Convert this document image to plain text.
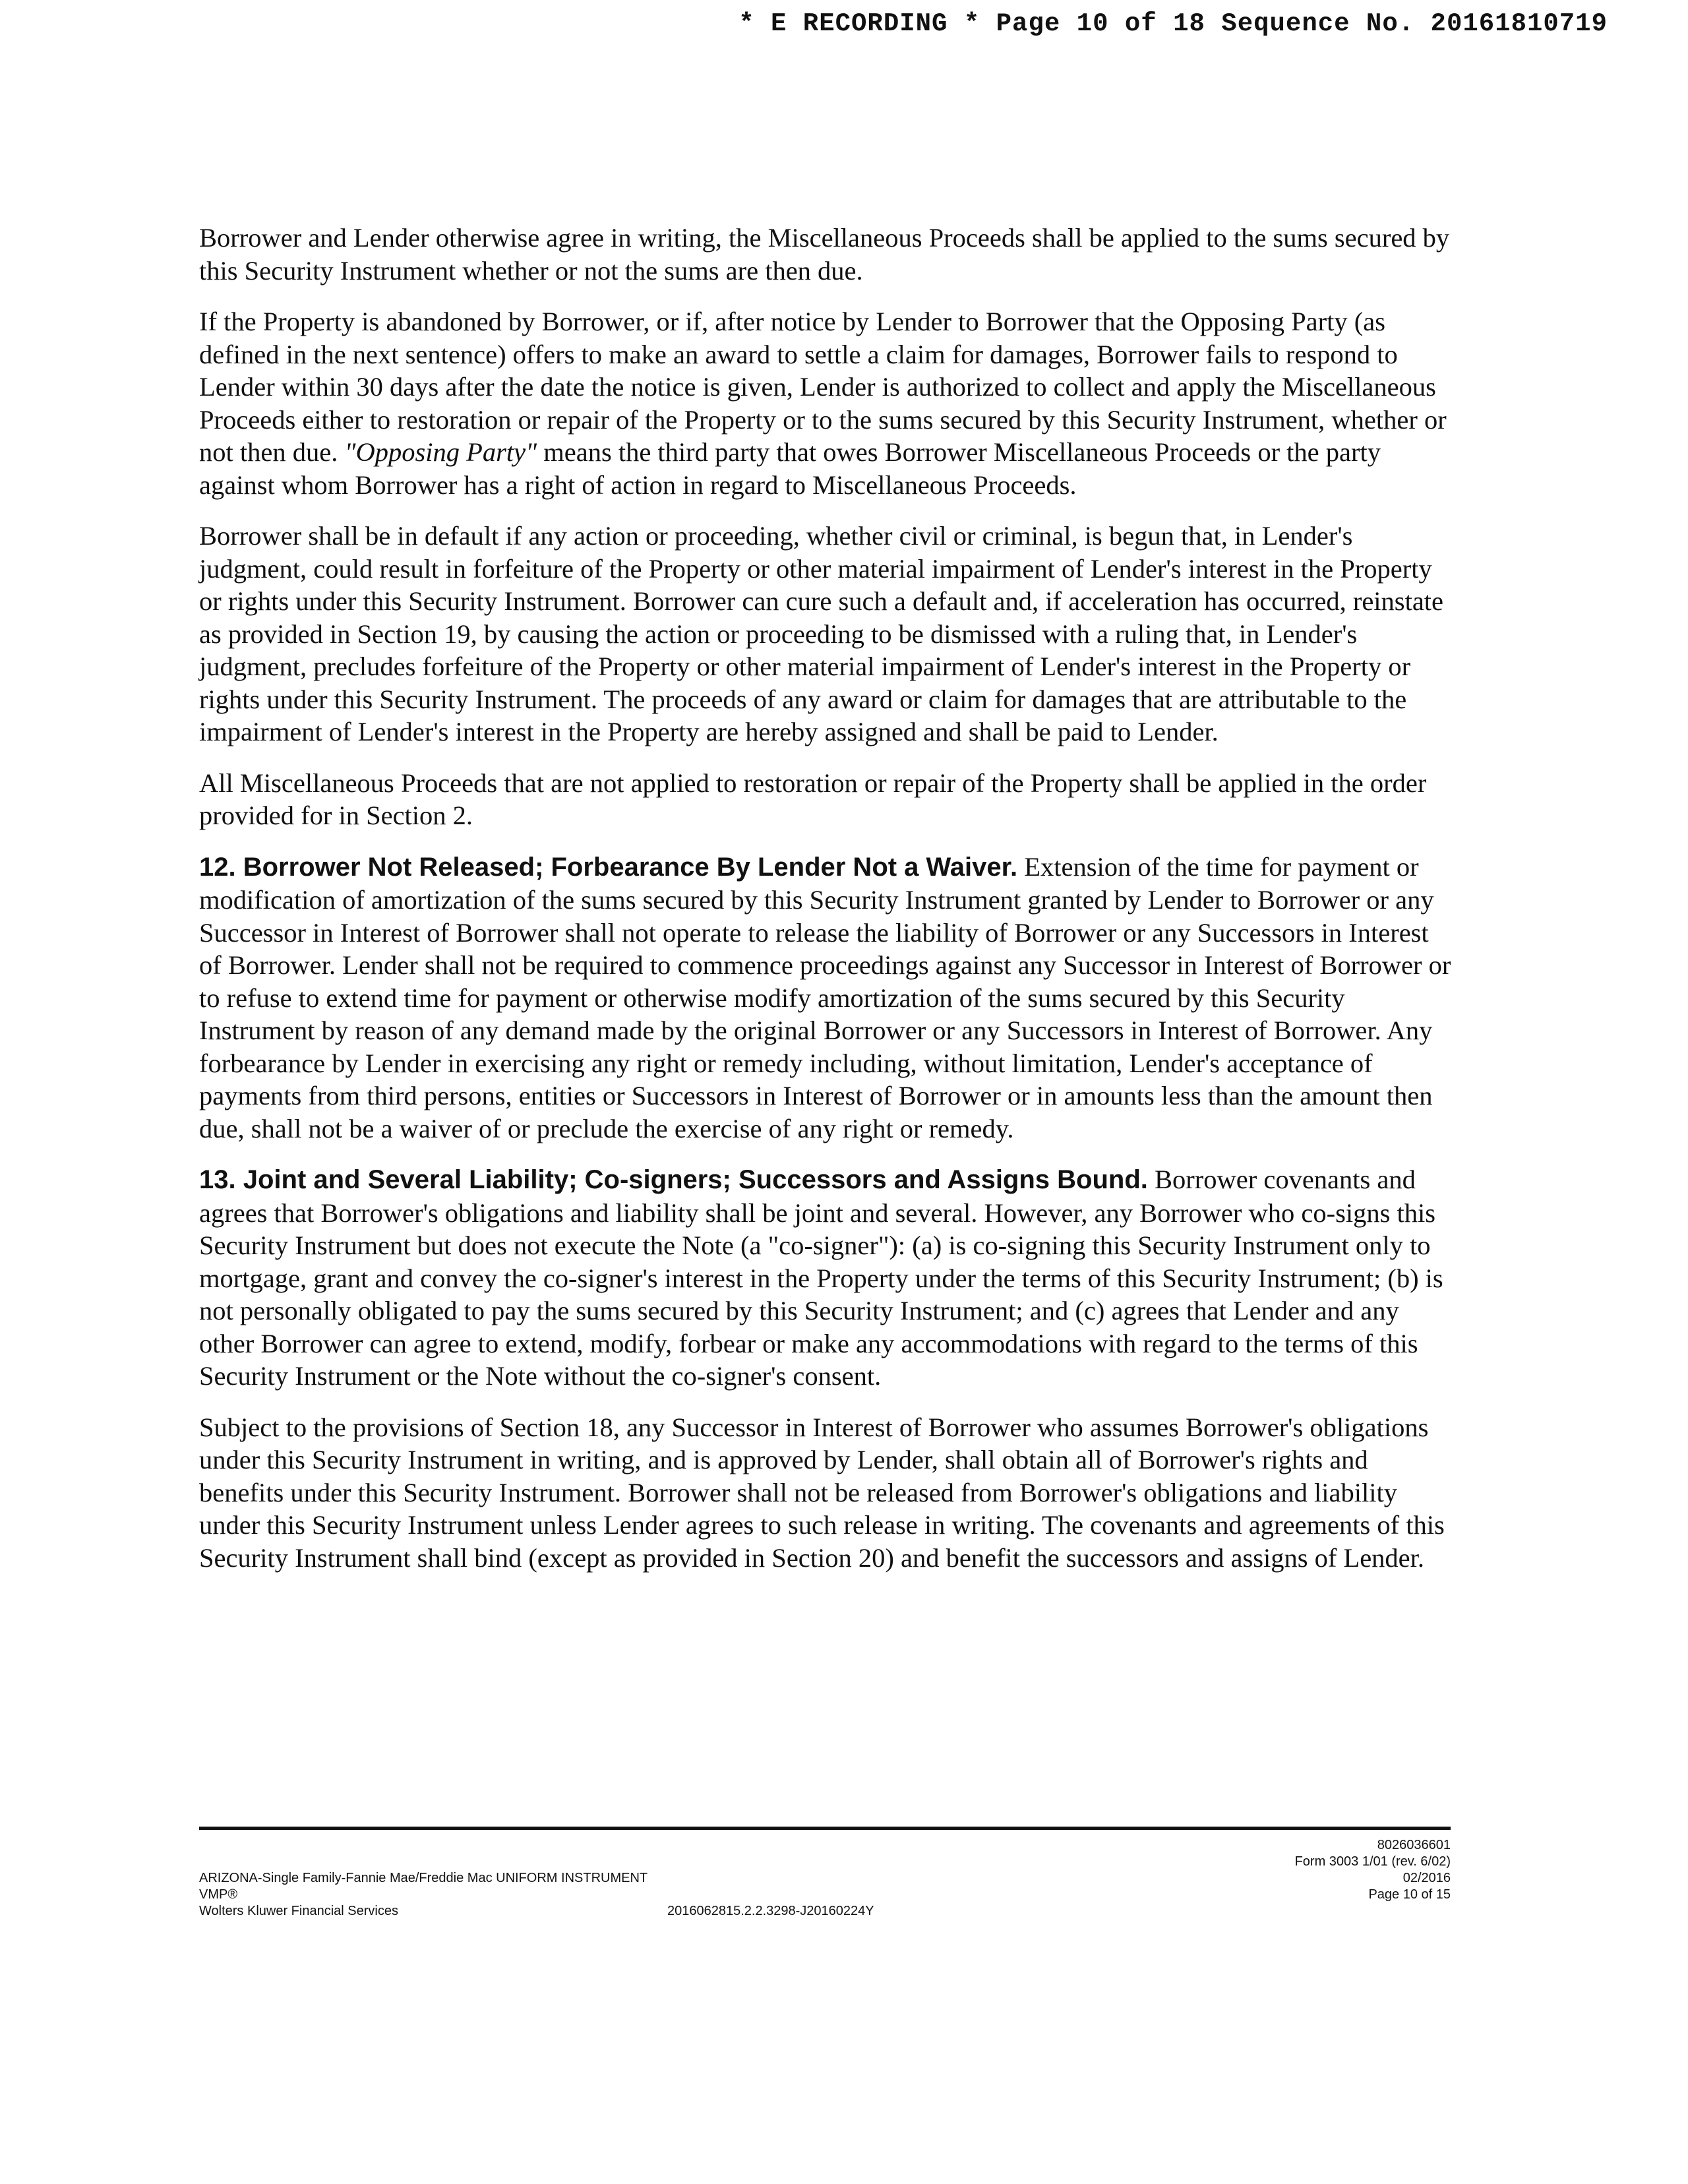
* E RECORDING * Page 10 of 18 Sequence No. 20161810719

Borrower and Lender otherwise agree in writing, the Miscellaneous Proceeds shall be applied to the sums secured by this Security Instrument whether or not the sums are then due.

If the Property is abandoned by Borrower, or if, after notice by Lender to Borrower that the Opposing Party (as defined in the next sentence) offers to make an award to settle a claim for damages, Borrower fails to respond to Lender within 30 days after the date the notice is given, Lender is authorized to collect and apply the Miscellaneous Proceeds either to restoration or repair of the Property or to the sums secured by this Security Instrument, whether or not then due. "Opposing Party" means the third party that owes Borrower Miscellaneous Proceeds or the party against whom Borrower has a right of action in regard to Miscellaneous Proceeds.

Borrower shall be in default if any action or proceeding, whether civil or criminal, is begun that, in Lender's judgment, could result in forfeiture of the Property or other material impairment of Lender's interest in the Property or rights under this Security Instrument. Borrower can cure such a default and, if acceleration has occurred, reinstate as provided in Section 19, by causing the action or proceeding to be dismissed with a ruling that, in Lender's judgment, precludes forfeiture of the Property or other material impairment of Lender's interest in the Property or rights under this Security Instrument. The proceeds of any award or claim for damages that are attributable to the impairment of Lender's interest in the Property are hereby assigned and shall be paid to Lender.

All Miscellaneous Proceeds that are not applied to restoration or repair of the Property shall be applied in the order provided for in Section 2.

12. Borrower Not Released; Forbearance By Lender Not a Waiver. Extension of the time for payment or modification of amortization of the sums secured by this Security Instrument granted by Lender to Borrower or any Successor in Interest of Borrower shall not operate to release the liability of Borrower or any Successors in Interest of Borrower. Lender shall not be required to commence proceedings against any Successor in Interest of Borrower or to refuse to extend time for payment or otherwise modify amortization of the sums secured by this Security Instrument by reason of any demand made by the original Borrower or any Successors in Interest of Borrower. Any forbearance by Lender in exercising any right or remedy including, without limitation, Lender's acceptance of payments from third persons, entities or Successors in Interest of Borrower or in amounts less than the amount then due, shall not be a waiver of or preclude the exercise of any right or remedy.

13. Joint and Several Liability; Co-signers; Successors and Assigns Bound. Borrower covenants and agrees that Borrower's obligations and liability shall be joint and several. However, any Borrower who co-signs this Security Instrument but does not execute the Note (a "co-signer"): (a) is co-signing this Security Instrument only to mortgage, grant and convey the co-signer's interest in the Property under the terms of this Security Instrument; (b) is not personally obligated to pay the sums secured by this Security Instrument; and (c) agrees that Lender and any other Borrower can agree to extend, modify, forbear or make any accommodations with regard to the terms of this Security Instrument or the Note without the co-signer's consent.

Subject to the provisions of Section 18, any Successor in Interest of Borrower who assumes Borrower's obligations under this Security Instrument in writing, and is approved by Lender, shall obtain all of Borrower's rights and benefits under this Security Instrument. Borrower shall not be released from Borrower's obligations and liability under this Security Instrument unless Lender agrees to such release in writing. The covenants and agreements of this Security Instrument shall bind (except as provided in Section 20) and benefit the successors and assigns of Lender.

ARIZONA-Single Family-Fannie Mae/Freddie Mac UNIFORM INSTRUMENT
VMP®
Wolters Kluwer Financial Services	2016062815.2.2.3298-J20160224Y
8026036601
Form 3003 1/01 (rev. 6/02)
02/2016
Page 10 of 15
